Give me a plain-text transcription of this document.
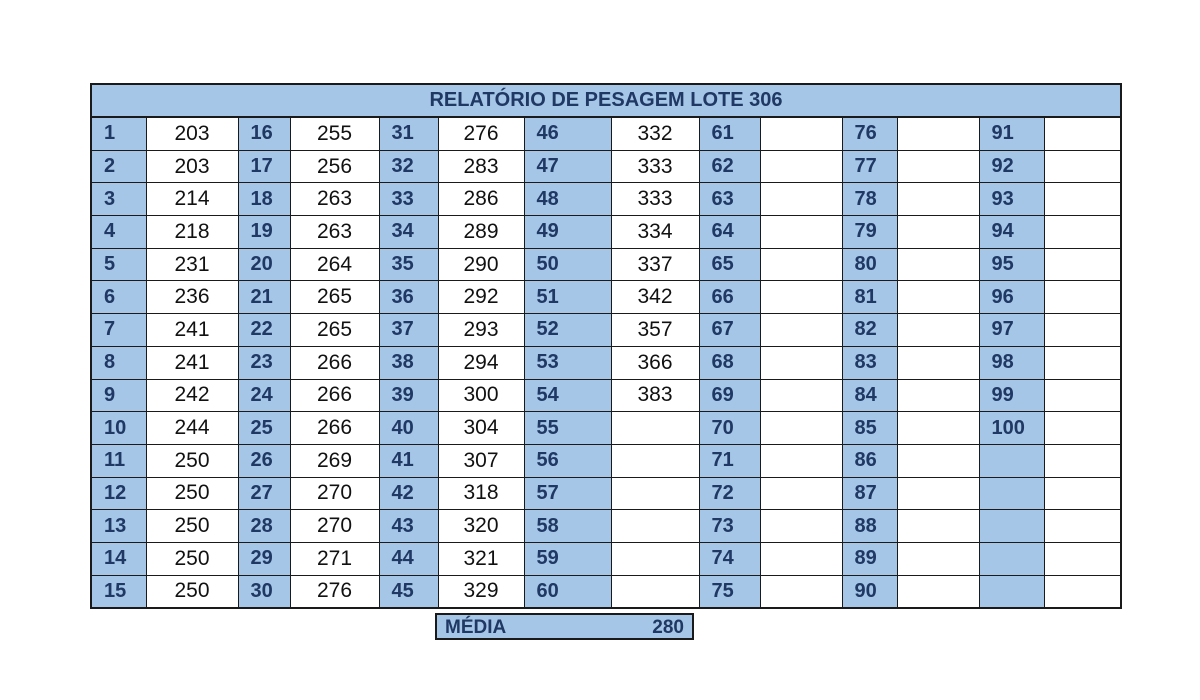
RELATÓRIO DE PESAGEM LOTE 306													
1	203	16	255	31	276	46	332	61		76		91	
2	203	17	256	32	283	47	333	62		77		92	
3	214	18	263	33	286	48	333	63		78		93	
4	218	19	263	34	289	49	334	64		79		94	
5	231	20	264	35	290	50	337	65		80		95	
6	236	21	265	36	292	51	342	66		81		96	
7	241	22	265	37	293	52	357	67		82		97	
8	241	23	266	38	294	53	366	68		83		98	
9	242	24	266	39	300	54	383	69		84		99	
10	244	25	266	40	304	55		70		85		100	
11	250	26	269	41	307	56		71		86			
12	250	27	270	42	318	57		72		87			
13	250	28	270	43	320	58		73		88			
14	250	29	271	44	321	59		74		89			
15	250	30	276	45	329	60		75		90			
MÉDIA	280
